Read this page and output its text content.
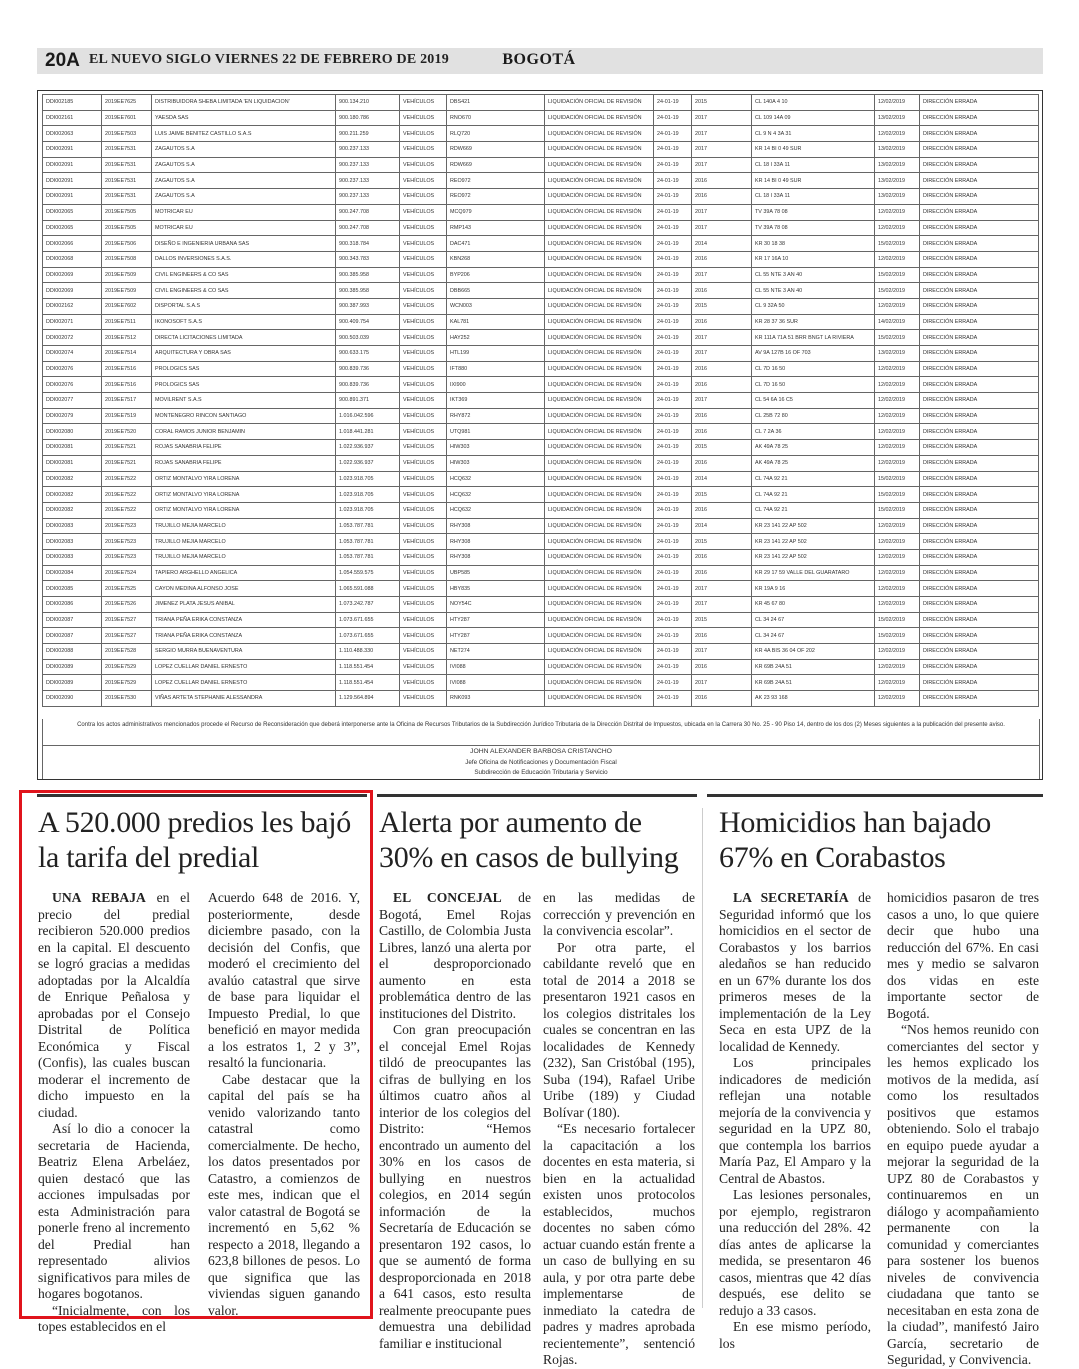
20A EL NUEVO SIGLO VIERNES 22 DE FEBRERO DE 2019	BOGOTÁ
DDI002185	2019EE7625	DISTRIBUIDORA SHEBA LIMITADA 'EN LIQUIDACION'	900.134.210	VEHÍCULOS	DBS421	LIQUIDACIÓN OFICIAL DE REVISIÓN	24-01-19	2015	CL 140A 4 10	12/02/2019	DIRECCIÓN ERRADA
DDI002161	2019EE7601	YAESDA SAS	900.180.786	VEHÍCULOS	RNO670	LIQUIDACIÓN OFICIAL DE REVISIÓN	24-01-19	2017	CL 109 14A 09	13/02/2019	DIRECCIÓN ERRADA
DDI002063	2019EE7503	LUIS JAIME BENITEZ CASTILLO S.A.S	900.211.259	VEHÍCULOS	RLQ720	LIQUIDACIÓN OFICIAL DE REVISIÓN	24-01-19	2017	CL 9 N 4 3A 31	12/02/2019	DIRECCIÓN ERRADA
DDI002091	2019EE7531	ZAGAUTOS S.A	900.237.133	VEHÍCULOS	RDW669	LIQUIDACIÓN OFICIAL DE REVISIÓN	24-01-19	2017	KR 14 BI 0 49 SUR	13/02/2019	DIRECCIÓN ERRADA
DDI002091	2019EE7531	ZAGAUTOS S.A	900.237.133	VEHÍCULOS	RDW669	LIQUIDACIÓN OFICIAL DE REVISIÓN	24-01-19	2017	CL 18 I 33A 11	13/02/2019	DIRECCIÓN ERRADA
DDI002091	2019EE7531	ZAGAUTOS S.A	900.237.133	VEHÍCULOS	REO972	LIQUIDACIÓN OFICIAL DE REVISIÓN	24-01-19	2016	KR 14 BI 0 49 SUR	13/02/2019	DIRECCIÓN ERRADA
DDI002091	2019EE7531	ZAGAUTOS S.A	900.237.133	VEHÍCULOS	REO972	LIQUIDACIÓN OFICIAL DE REVISIÓN	24-01-19	2016	CL 18 I 33A 11	13/02/2019	DIRECCIÓN ERRADA
DDI002065	2019EE7505	MOTRICAR EU	900.247.708	VEHÍCULOS	MCQ979	LIQUIDACIÓN OFICIAL DE REVISIÓN	24-01-19	2017	TV 39A 78 08	12/02/2019	DIRECCIÓN ERRADA
DDI002065	2019EE7505	MOTRICAR EU	900.247.708	VEHÍCULOS	RMP143	LIQUIDACIÓN OFICIAL DE REVISIÓN	24-01-19	2017	TV 39A 78 08	12/02/2019	DIRECCIÓN ERRADA
DDI002066	2019EE7506	DISEÑO E INGENIERIA URBANA SAS	900.318.784	VEHÍCULOS	DAC471	LIQUIDACIÓN OFICIAL DE REVISIÓN	24-01-19	2014	KR 30 18 38	15/02/2019	DIRECCIÓN ERRADA
DDI002068	2019EE7508	DALLOS INVERSIONES S.A.S.	900.343.783	VEHÍCULOS	KBN268	LIQUIDACIÓN OFICIAL DE REVISIÓN	24-01-19	2016	KR 17 16A 10	12/02/2019	DIRECCIÓN ERRADA
DDI002069	2019EE7509	CIVIL ENGINEERS & CO SAS	900.385.958	VEHÍCULOS	BYP206	LIQUIDACIÓN OFICIAL DE REVISIÓN	24-01-19	2017	CL 55 NTE 3 AN 40	15/02/2019	DIRECCIÓN ERRADA
DDI002069	2019EE7509	CIVIL ENGINEERS & CO SAS	900.385.958	VEHÍCULOS	DBB665	LIQUIDACIÓN OFICIAL DE REVISIÓN	24-01-19	2016	CL 55 NTE 3 AN 40	15/02/2019	DIRECCIÓN ERRADA
DDI002162	2019EE7602	DISPORTAL S.A.S	900.387.993	VEHÍCULOS	WCN003	LIQUIDACIÓN OFICIAL DE REVISIÓN	24-01-19	2015	CL 9 32A 50	12/02/2019	DIRECCIÓN ERRADA
DDI002071	2019EE7511	IKONOSOFT S.A.S	900.409.754	VEHÍCULOS	KAL781	LIQUIDACIÓN OFICIAL DE REVISIÓN	24-01-19	2016	KR 28 37 36 SUR	14/02/2019	DIRECCIÓN ERRADA
DDI002072	2019EE7512	DIRECTA LICITACIONES LIMITADA	900.503.039	VEHÍCULOS	HAY252	LIQUIDACIÓN OFICIAL DE REVISIÓN	24-01-19	2017	KR 111A 71A 51 BRR BNGT LA RIVIERA	15/02/2019	DIRECCIÓN ERRADA
DDI002074	2019EE7514	ARQUITECTURA Y OBRA SAS	900.633.175	VEHÍCULOS	HTL199	LIQUIDACIÓN OFICIAL DE REVISIÓN	24-01-19	2017	AV 9A 127B 16 OF 703	13/02/2019	DIRECCIÓN ERRADA
DDI002076	2019EE7516	PROLOGICS SAS	900.839.736	VEHÍCULOS	IFT880	LIQUIDACIÓN OFICIAL DE REVISIÓN	24-01-19	2016	CL 7D 16 50	12/02/2019	DIRECCIÓN ERRADA
DDI002076	2019EE7516	PROLOGICS SAS	900.839.736	VEHÍCULOS	IXI900	LIQUIDACIÓN OFICIAL DE REVISIÓN	24-01-19	2016	CL 7D 16 50	12/02/2019	DIRECCIÓN ERRADA
DDI002077	2019EE7517	MOVILRENT S.A.S	900.891.371	VEHÍCULOS	IKT369	LIQUIDACIÓN OFICIAL DE REVISIÓN	24-01-19	2017	CL 54 6A 16 C5	12/02/2019	DIRECCIÓN ERRADA
DDI002079	2019EE7519	MONTENEGRO RINCON SANTIAGO	1.016.042.596	VEHÍCULOS	RHY872	LIQUIDACIÓN OFICIAL DE REVISIÓN	24-01-19	2016	CL 25B 72 80	12/02/2019	DIRECCIÓN ERRADA
DDI002080	2019EE7520	CORAL RAMOS JUNIOR BENJAMIN	1.018.441.281	VEHÍCULOS	UTQ981	LIQUIDACIÓN OFICIAL DE REVISIÓN	24-01-19	2016	CL 7 2A 36	12/02/2019	DIRECCIÓN ERRADA
DDI002081	2019EE7521	ROJAS SANABRIA FELIPE	1.022.936.937	VEHÍCULOS	HIW303	LIQUIDACIÓN OFICIAL DE REVISIÓN	24-01-19	2015	AK 49A 78 25	12/02/2019	DIRECCIÓN ERRADA
DDI002081	2019EE7521	ROJAS SANABRIA FELIPE	1.022.936.937	VEHÍCULOS	HIW303	LIQUIDACIÓN OFICIAL DE REVISIÓN	24-01-19	2016	AK 49A 78 25	12/02/2019	DIRECCIÓN ERRADA
DDI002082	2019EE7522	ORTIZ MONTALVO YIRA LORENA	1.023.918.705	VEHÍCULOS	HCQ632	LIQUIDACIÓN OFICIAL DE REVISIÓN	24-01-19	2014	CL 74A 92 21	15/02/2019	DIRECCIÓN ERRADA
DDI002082	2019EE7522	ORTIZ MONTALVO YIRA LORENA	1.023.918.705	VEHÍCULOS	HCQ632	LIQUIDACIÓN OFICIAL DE REVISIÓN	24-01-19	2015	CL 74A 92 21	15/02/2019	DIRECCIÓN ERRADA
DDI002082	2019EE7522	ORTIZ MONTALVO YIRA LORENA	1.023.918.705	VEHÍCULOS	HCQ632	LIQUIDACIÓN OFICIAL DE REVISIÓN	24-01-19	2016	CL 74A 92 21	15/02/2019	DIRECCIÓN ERRADA
DDI002083	2019EE7523	TRUJILLO MEJIA MARCELO	1.053.787.781	VEHÍCULOS	RHY308	LIQUIDACIÓN OFICIAL DE REVISIÓN	24-01-19	2014	KR 23 141 22 AP 502	12/02/2019	DIRECCIÓN ERRADA
DDI002083	2019EE7523	TRUJILLO MEJIA MARCELO	1.053.787.781	VEHÍCULOS	RHY308	LIQUIDACIÓN OFICIAL DE REVISIÓN	24-01-19	2015	KR 23 141 22 AP 502	12/02/2019	DIRECCIÓN ERRADA
DDI002083	2019EE7523	TRUJILLO MEJIA MARCELO	1.053.787.781	VEHÍCULOS	RHY308	LIQUIDACIÓN OFICIAL DE REVISIÓN	24-01-19	2016	KR 23 141 22 AP 502	12/02/2019	DIRECCIÓN ERRADA
DDI002084	2019EE7524	TAPIERO ARGHELLO ANGELICA	1.054.559.575	VEHÍCULOS	UBP585	LIQUIDACIÓN OFICIAL DE REVISIÓN	24-01-19	2016	KR 29 17 59 VALLE DEL GUARATARO	12/02/2019	DIRECCIÓN ERRADA
DDI002085	2019EE7525	CAYON MEDINA ALFONSO JOSE	1.065.591.088	VEHÍCULOS	HBY835	LIQUIDACIÓN OFICIAL DE REVISIÓN	24-01-19	2017	KR 19A 9 16	12/02/2019	DIRECCIÓN ERRADA
DDI002086	2019EE7526	JIMENEZ PLATA JESUS ANIBAL	1.073.242.787	VEHÍCULOS	NOY54C	LIQUIDACIÓN OFICIAL DE REVISIÓN	24-01-19	2017	KR 45 67 80	12/02/2019	DIRECCIÓN ERRADA
DDI002087	2019EE7527	TRIANA PEÑA ERIKA CONSTANZA	1.073.671.655	VEHÍCULOS	HTY287	LIQUIDACIÓN OFICIAL DE REVISIÓN	24-01-19	2015	CL 34 24 67	15/02/2019	DIRECCIÓN ERRADA
DDI002087	2019EE7527	TRIANA PEÑA ERIKA CONSTANZA	1.073.671.655	VEHÍCULOS	HTY287	LIQUIDACIÓN OFICIAL DE REVISIÓN	24-01-19	2016	CL 34 24 67	15/02/2019	DIRECCIÓN ERRADA
DDI002088	2019EE7528	SERGIO MURRA BUENAVENTURA	1.110.488.330	VEHÍCULOS	NET274	LIQUIDACIÓN OFICIAL DE REVISIÓN	24-01-19	2017	KR 4A BIS 36 04 OF 202	12/02/2019	DIRECCIÓN ERRADA
DDI002089	2019EE7529	LOPEZ CUELLAR DANIEL ERNESTO	1.118.551.454	VEHÍCULOS	IVI088	LIQUIDACIÓN OFICIAL DE REVISIÓN	24-01-19	2016	KR 69B 24A 51	12/02/2019	DIRECCIÓN ERRADA
DDI002089	2019EE7529	LOPEZ CUELLAR DANIEL ERNESTO	1.118.551.454	VEHÍCULOS	IVI088	LIQUIDACIÓN OFICIAL DE REVISIÓN	24-01-19	2017	KR 69B 24A 51	12/02/2019	DIRECCIÓN ERRADA
DDI002090	2019EE7530	VIÑAS ARTETA STEPHANIE ALESSANDRA	1.129.564.894	VEHÍCULOS	RNK093	LIQUIDACIÓN OFICIAL DE REVISIÓN	24-01-19	2016	AK 23 93 168	12/02/2019	DIRECCIÓN ERRADA
Contra los actos administrativos mencionados procede el Recurso de Reconsideración que deberá interponerse ante la Oficina de Recursos Tributarios de la Subdirección Jurídico Tributaria de la Dirección Distrital de Impuestos, ubicada en la Carrera 30 No. 25 - 90 Piso 14, dentro de los dos (2) Meses siguientes a la publicación del presente aviso.
JOHN ALEXANDER BARBOSA CRISTANCHO
Jefe Oficina de Notificaciones y Documentación Fiscal
Subdirección de Educación Tributaria y Servicio
A 520.000 predios les bajó la tarifa del predial

UNA REBAJA en el precio del predial recibieron 520.000 predios en la capital. El descuento se logró gracias a medidas adoptadas por la Alcaldía de Enrique Peñalosa y aprobadas por el Consejo Distrital de Política Económica y Fiscal (Confis), las cuales buscan moderar el incremento de dicho impuesto en la ciudad.

Así lo dio a conocer la secretaria de Hacienda, Beatriz Elena Arbeláez, quien destacó que las acciones impulsadas por esta Administración para ponerle freno al incremento del Predial han representado alivios significativos para miles de hogares bogotanos.

“Inicialmente, con los topes establecidos en el

Acuerdo 648 de 2016. Y, posteriormente, desde diciembre pasado, con la decisión del Confis, que moderó el crecimiento del avalúo catastral que sirve de base para liquidar el Impuesto Predial, lo que benefició en mayor medida a los estratos 1, 2 y 3”, resaltó la funcionaria.

Cabe destacar que la capital del país se ha venido valorizando tanto catastral como comercialmente. De hecho, los datos presentados por Catastro, a comienzos de este mes, indican que el valor catastral de Bogotá se incrementó en 5,62 % respecto a 2018, llegando a 623,8 billones de pesos. Lo que significa que las viviendas siguen ganando valor.

Alerta por aumento de 30% en casos de bullying

EL CONCEJAL de Bogotá, Emel Rojas Castillo, de Colombia Justa Libres, lanzó una alerta por el desproporcionado aumento en esta problemática dentro de las instituciones del Distrito.

Con gran preocupación el concejal Emel Rojas tildó de preocupantes las cifras de bullying en los últimos cuatro años al interior de los colegios del Distrito: “Hemos encontrado un aumento del 30% en los casos de bullying en nuestros colegios, en 2014 según información de la Secretaría de Educación se presentaron 192 casos, lo que se aumentó de forma desproporcionada en 2018 a 641 casos, esto resulta realmente preocupante pues demuestra una debilidad familiar e institucional

en las medidas de corrección y prevención en la convivencia escolar”.

Por otra parte, el cabildante reveló que en total de 2014 a 2018 se presentaron 1921 casos en los colegios distritales los cuales se concentran en las localidades de Kennedy (232), San Cristóbal (195), Suba (194), Rafael Uribe Uribe (189) y Ciudad Bolívar (180).

“Es necesario fortalecer la capacitación a los docentes en esta materia, si bien en la actualidad existen unos protocolos establecidos, muchos docentes no saben cómo actuar cuando están frente a un caso de bullying en su aula, y por otra parte debe implementarse de inmediato la catedra de padres y madres aprobada recientemente”, sentenció Rojas.

Homicidios han bajado 67% en Corabastos

LA SECRETARÍA de Seguridad informó que los homicidios en el sector de Corabastos y los barrios aledaños se han reducido en un 67% durante los dos primeros meses de la implementación de la Ley Seca en esta UPZ de la localidad de Kennedy.

Los principales indicadores de medición reflejan una notable mejoría de la convivencia y seguridad en la UPZ 80, que contempla los barrios María Paz, El Amparo y la Central de Abastos.

Las lesiones personales, por ejemplo, registraron una reducción del 28%. 42 días antes de aplicarse la medida, se presentaron 46 casos, mientras que 42 días después, ese delito se redujo a 33 casos.

En ese mismo período, los

homicidios pasaron de tres casos a uno, lo que quiere decir que hubo una reducción del 67%. En casi mes y medio se salvaron dos vidas en este importante sector de Bogotá.

“Nos hemos reunido con comerciantes del sector y les hemos explicado los motivos de la medida, así como los resultados positivos que estamos obteniendo. Solo el trabajo en equipo puede ayudar a mejorar la seguridad de la UPZ 80 de Corabastos y continuaremos en un diálogo y acompañamiento permanente con la comunidad y comerciantes para sostener los buenos niveles de convivencia ciudadana que tanto se necesitaban en esta zona de la ciudad”, manifestó Jairo García, secretario de Seguridad, y Convivencia.
